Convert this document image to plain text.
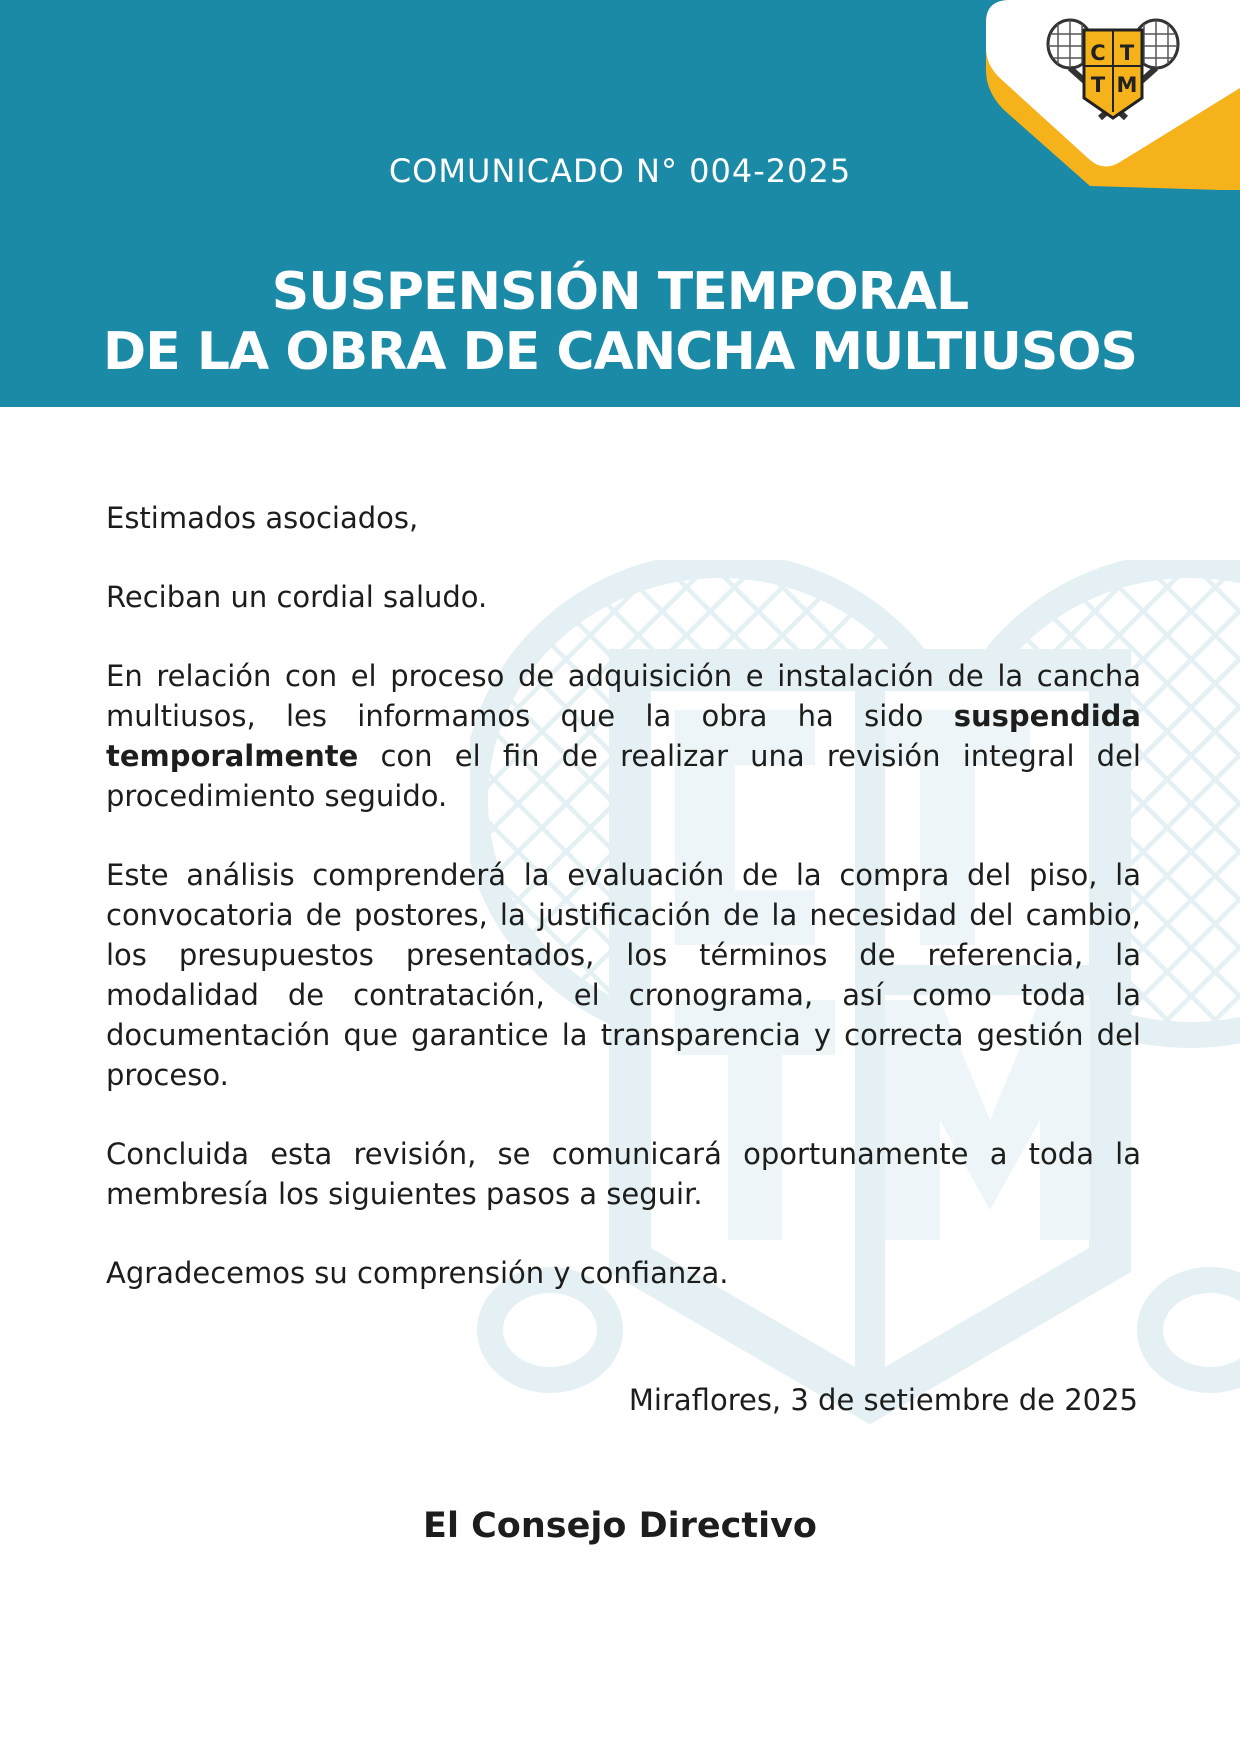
COMUNICADO N° 004-2025
SUSPENSIÓN TEMPORAL
DE LA OBRA DE CANCHA MULTIUSOS
C T
T M

Estimados asociados,

Reciban un cordial saludo.

En relación con el proceso de adquisición e instalación de la cancha multiusos, les informamos que la obra ha sido suspendida temporalmente con el fin de realizar una revisión integral del procedimiento seguido.

Este análisis comprenderá la evaluación de la compra del piso, la convocatoria de postores, la justificación de la necesidad del cambio, los presupuestos presentados, los términos de referencia, la modalidad de contratación, el cronograma, así como toda la documentación que garantice la transparencia y correcta gestión del proceso.

Concluida esta revisión, se comunicará oportunamente a toda la membresía los siguientes pasos a seguir.

Agradecemos su comprensión y confianza.

Miraflores, 3 de setiembre de 2025
El Consejo Directivo
